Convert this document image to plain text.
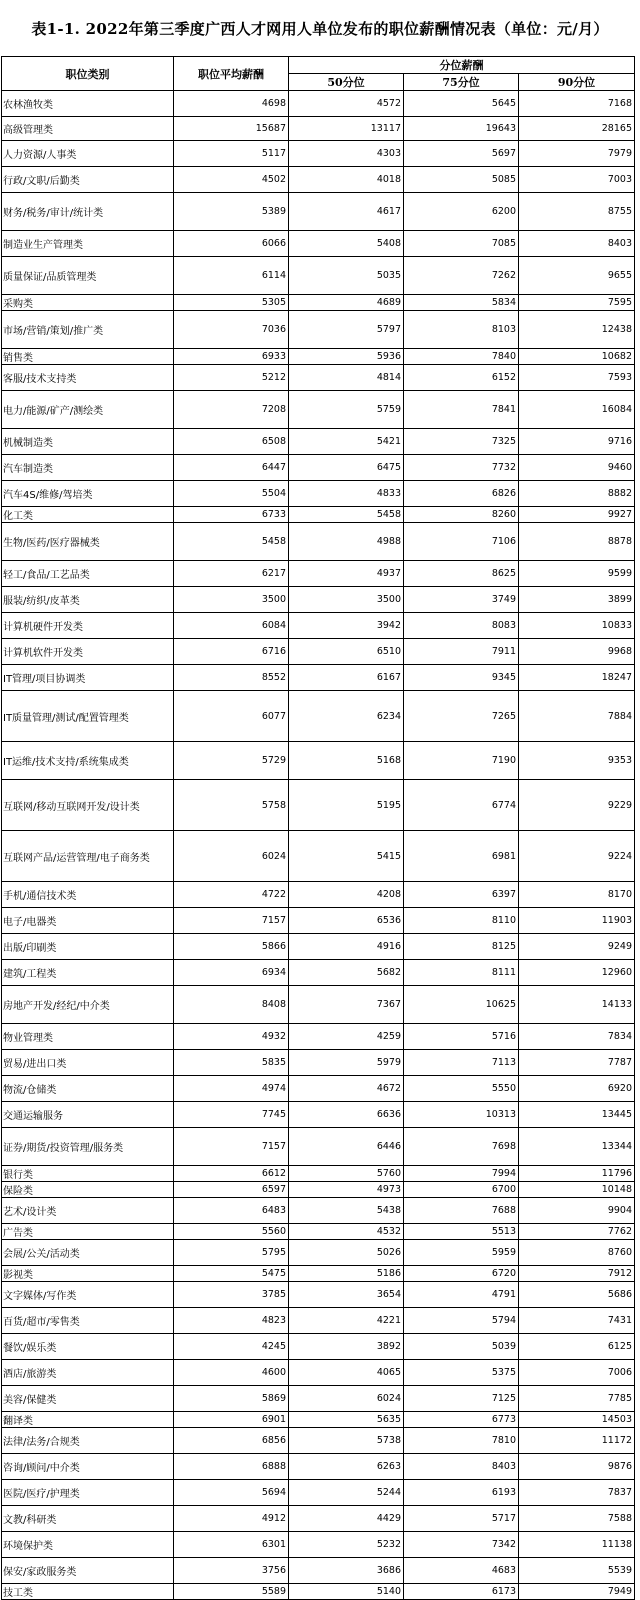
表1-1. 2022年第三季度广西人才网用人单位发布的职位薪酬情况表（单位：元/月）
职位类别	职位平均薪酬	分位薪酬		
		50分位	75分位	90分位
农林渔牧类	4698	4572	5645	7168
高级管理类	15687	13117	19643	28165
人力资源/人事类	5117	4303	5697	7979
行政/文职/后勤类	4502	4018	5085	7003
财务/税务/审计/统计类	5389	4617	6200	8755
制造业生产管理类	6066	5408	7085	8403
质量保证/品质管理类	6114	5035	7262	9655
采购类	5305	4689	5834	7595
市场/营销/策划/推广类	7036	5797	8103	12438
销售类	6933	5936	7840	10682
客服/技术支持类	5212	4814	6152	7593
电力/能源/矿产/测绘类	7208	5759	7841	16084
机械制造类	6508	5421	7325	9716
汽车制造类	6447	6475	7732	9460
汽车4S/维修/驾培类	5504	4833	6826	8882
化工类	6733	5458	8260	9927
生物/医药/医疗器械类	5458	4988	7106	8878
轻工/食品/工艺品类	6217	4937	8625	9599
服装/纺织/皮革类	3500	3500	3749	3899
计算机硬件开发类	6084	3942	8083	10833
计算机软件开发类	6716	6510	7911	9968
IT管理/项目协调类	8552	6167	9345	18247
IT质量管理/测试/配置管理类	6077	6234	7265	7884
IT运维/技术支持/系统集成类	5729	5168	7190	9353
互联网/移动互联网开发/设计类	5758	5195	6774	9229
互联网产品/运营管理/电子商务类	6024	5415	6981	9224
手机/通信技术类	4722	4208	6397	8170
电子/电器类	7157	6536	8110	11903
出版/印刷类	5866	4916	8125	9249
建筑/工程类	6934	5682	8111	12960
房地产开发/经纪/中介类	8408	7367	10625	14133
物业管理类	4932	4259	5716	7834
贸易/进出口类	5835	5979	7113	7787
物流/仓储类	4974	4672	5550	6920
交通运输服务	7745	6636	10313	13445
证券/期货/投资管理/服务类	7157	6446	7698	13344
银行类	6612	5760	7994	11796
保险类	6597	4973	6700	10148
艺术/设计类	6483	5438	7688	9904
广告类	5560	4532	5513	7762
会展/公关/活动类	5795	5026	5959	8760
影视类	5475	5186	6720	7912
文字媒体/写作类	3785	3654	4791	5686
百货/超市/零售类	4823	4221	5794	7431
餐饮/娱乐类	4245	3892	5039	6125
酒店/旅游类	4600	4065	5375	7006
美容/保健类	5869	6024	7125	7785
翻译类	6901	5635	6773	14503
法律/法务/合规类	6856	5738	7810	11172
咨询/顾问/中介类	6888	6263	8403	9876
医院/医疗/护理类	5694	5244	6193	7837
文教/科研类	4912	4429	5717	7588
环境保护类	6301	5232	7342	11138
保安/家政服务类	3756	3686	4683	5539
技工类	5589	5140	6173	7949
